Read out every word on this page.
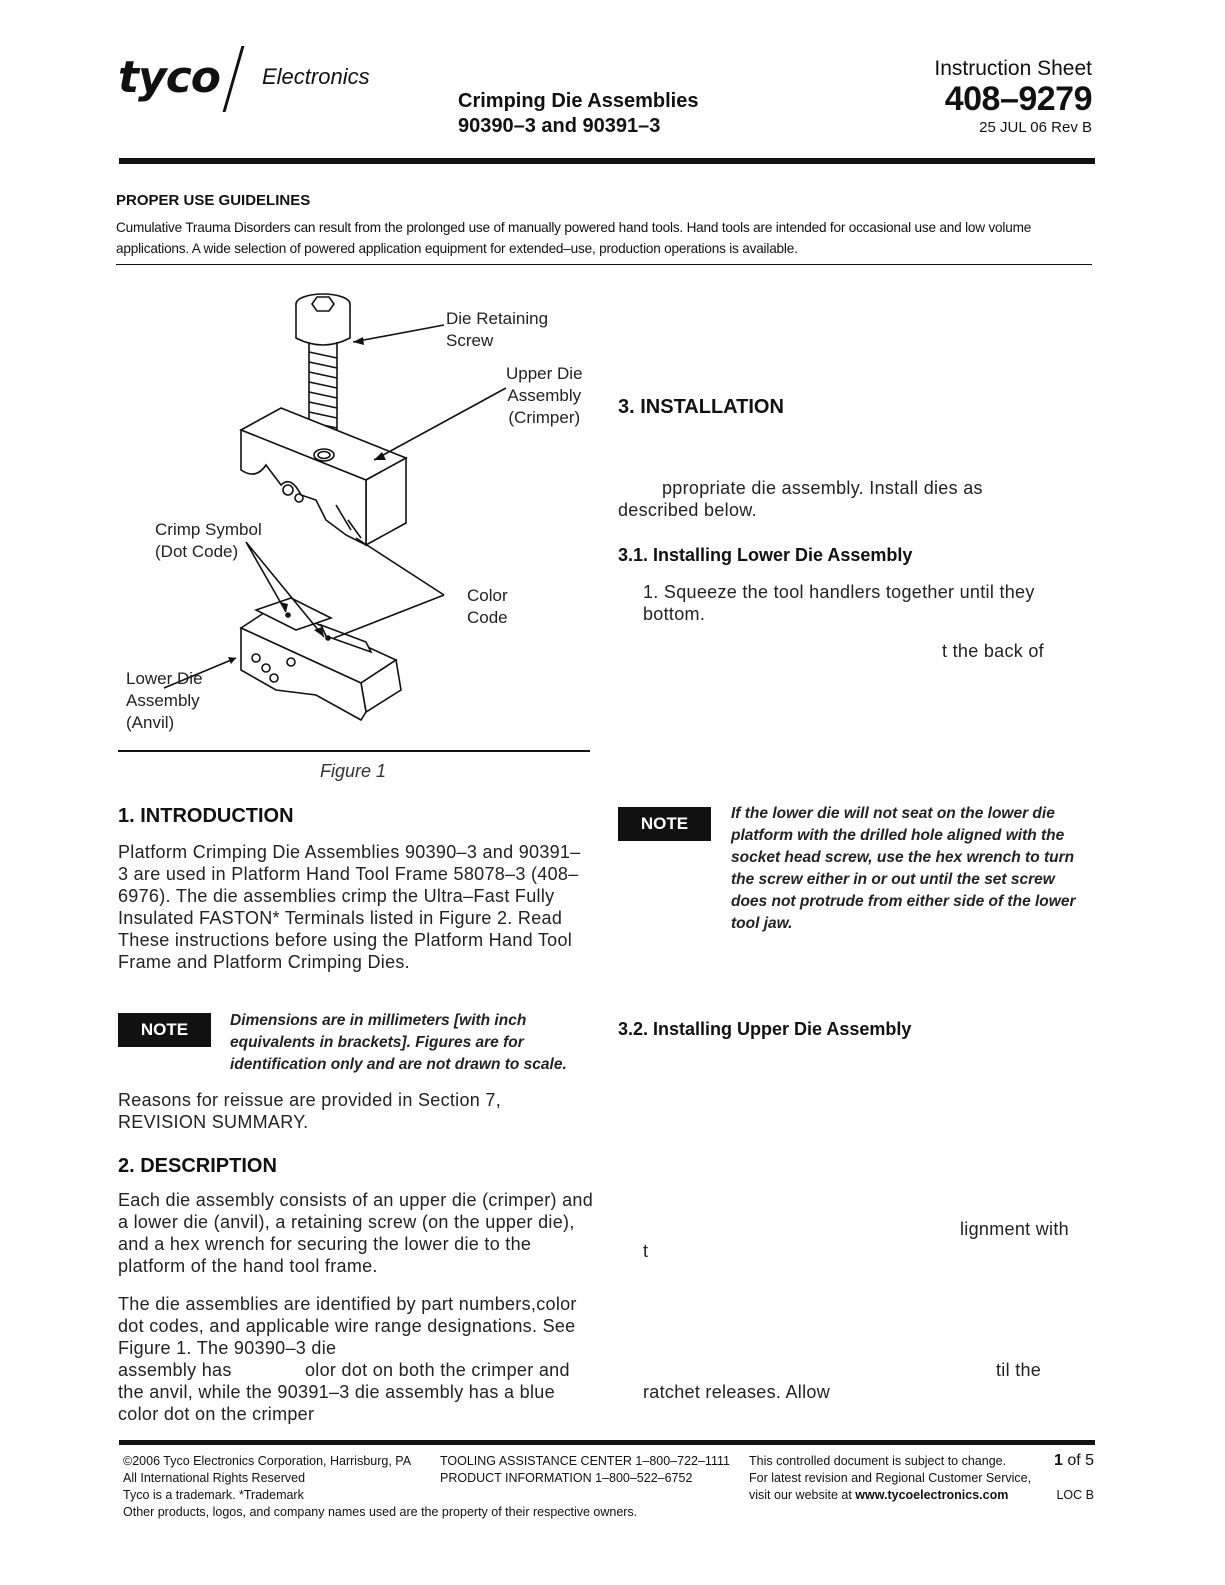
tyco Electronics
Crimping Die Assemblies
90390–3 and 90391–3
Instruction Sheet
408–9279
25 JUL 06 Rev B
PROPER USE GUIDELINES
Cumulative Trauma Disorders can result from the prolonged use of manually powered hand tools. Hand tools are intended for occasional use and low volume applications. A wide selection of powered application equipment for extended–use, production operations is available.
Die Retaining
Screw
Upper Die
Assembly
(Crimper)
Crimp Symbol
(Dot Code)
Color
Code
Lower Die
Assembly
(Anvil)
Figure 1
1. INTRODUCTION
Platform Crimping Die Assemblies 90390–3 and 90391–3 are used in Platform Hand Tool Frame 58078–3 (408–6976). The die assemblies crimp the Ultra–Fast Fully Insulated FASTON* Terminals listed in Figure 2. Read These instructions before using the Platform Hand Tool Frame and Platform Crimping Dies.
NOTE	Dimensions are in millimeters [with inch equivalents in brackets]. Figures are for identification only and are not drawn to scale.
Reasons for reissue are provided in Section 7, REVISION SUMMARY.
2. DESCRIPTION
Each die assembly consists of an upper die (crimper) and a lower die (anvil), a retaining screw (on the upper die), and a hex wrench for securing the lower die to the platform of the hand tool frame.
The die assemblies are identified by part numbers,color dot codes, and applicable wire range designations. See Figure 1. The 90390–3 die
assembly has	olor dot on both the crimper and
the anvil, while the 90391–3 die assembly has a blue
color dot on the crimper
3. INSTALLATION
ppropriate die assembly. Install dies as
described below.
3.1. Installing Lower Die Assembly
1. Squeeze the tool handlers together until they
bottom.
t the back of
NOTE
If the lower die will not seat on the lower die platform with the drilled hole aligned with the socket head screw, use the hex wrench to turn the screw either in or out until the set screw does not protrude from either side of the lower tool jaw.
3.2. Installing Upper Die Assembly
lignment with
t
til the
ratchet releases. Allow
©2006 Tyco Electronics Corporation, Harrisburg, PA
All International Rights Reserved
Tyco is a trademark. *Trademark
Other products, logos, and company names used are the property of their respective owners.
TOOLING ASSISTANCE CENTER 1–800–722–1111
PRODUCT INFORMATION 1–800–522–6752
This controlled document is subject to change.
For latest revision and Regional Customer Service,
visit our website at www.tycoelectronics.com
1 of 5
LOC B
